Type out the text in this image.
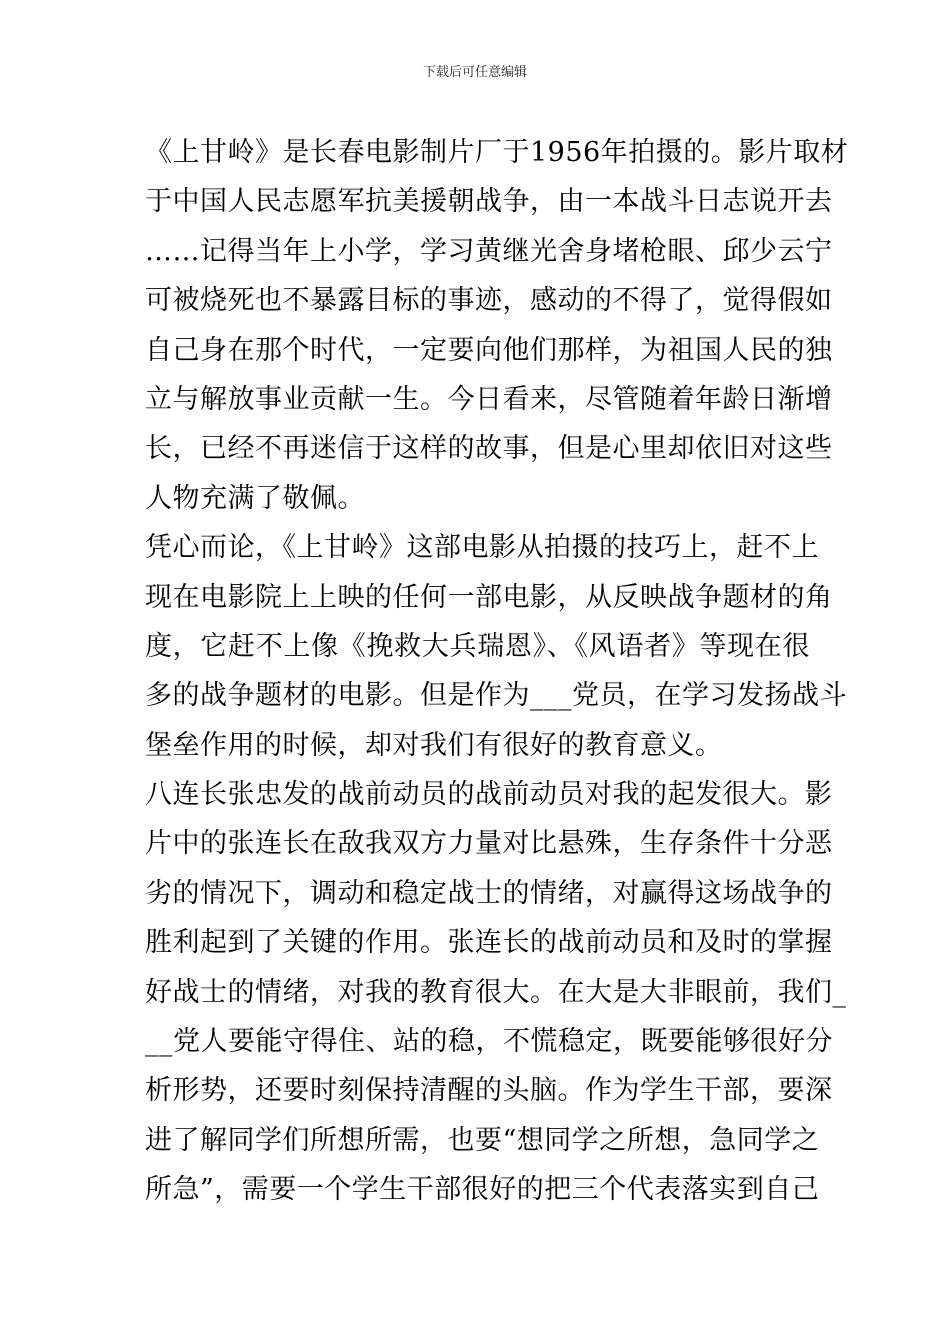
下载后可任意编辑
《上甘岭》是长春电影制片厂于1956年拍摄的。影片取材
于中国人民志愿军抗美援朝战争，由一本战斗日志说开去
……记得当年上小学，学习黄继光舍身堵枪眼、邱少云宁
可被烧死也不暴露目标的事迹，感动的不得了，觉得假如
自己身在那个时代，一定要向他们那样，为祖国人民的独
立与解放事业贡献一生。今日看来，尽管随着年龄日渐增
长，已经不再迷信于这样的故事，但是心里却依旧对这些
人物充满了敬佩。
凭心而论，《上甘岭》这部电影从拍摄的技巧上，赶不上
现在电影院上上映的任何一部电影，从反映战争题材的角
度，它赶不上像《挽救大兵瑞恩》、《风语者》等现在很
多的战争题材的电影。但是作为___党员，在学习发扬战斗
堡垒作用的时候，却对我们有很好的教育意义。
八连长张忠发的战前动员的战前动员对我的起发很大。影
片中的张连长在敌我双方力量对比悬殊，生存条件十分恶
劣的情况下，调动和稳定战士的情绪，对赢得这场战争的
胜利起到了关键的作用。张连长的战前动员和及时的掌握
好战士的情绪，对我的教育很大。在大是大非眼前，我们_
__党人要能守得住、站的稳，不慌稳定，既要能够很好分
析形势，还要时刻保持清醒的头脑。作为学生干部，要深
进了解同学们所想所需，也要“想同学之所想，急同学之
所急”，需要一个学生干部很好的把三个代表落实到自己
